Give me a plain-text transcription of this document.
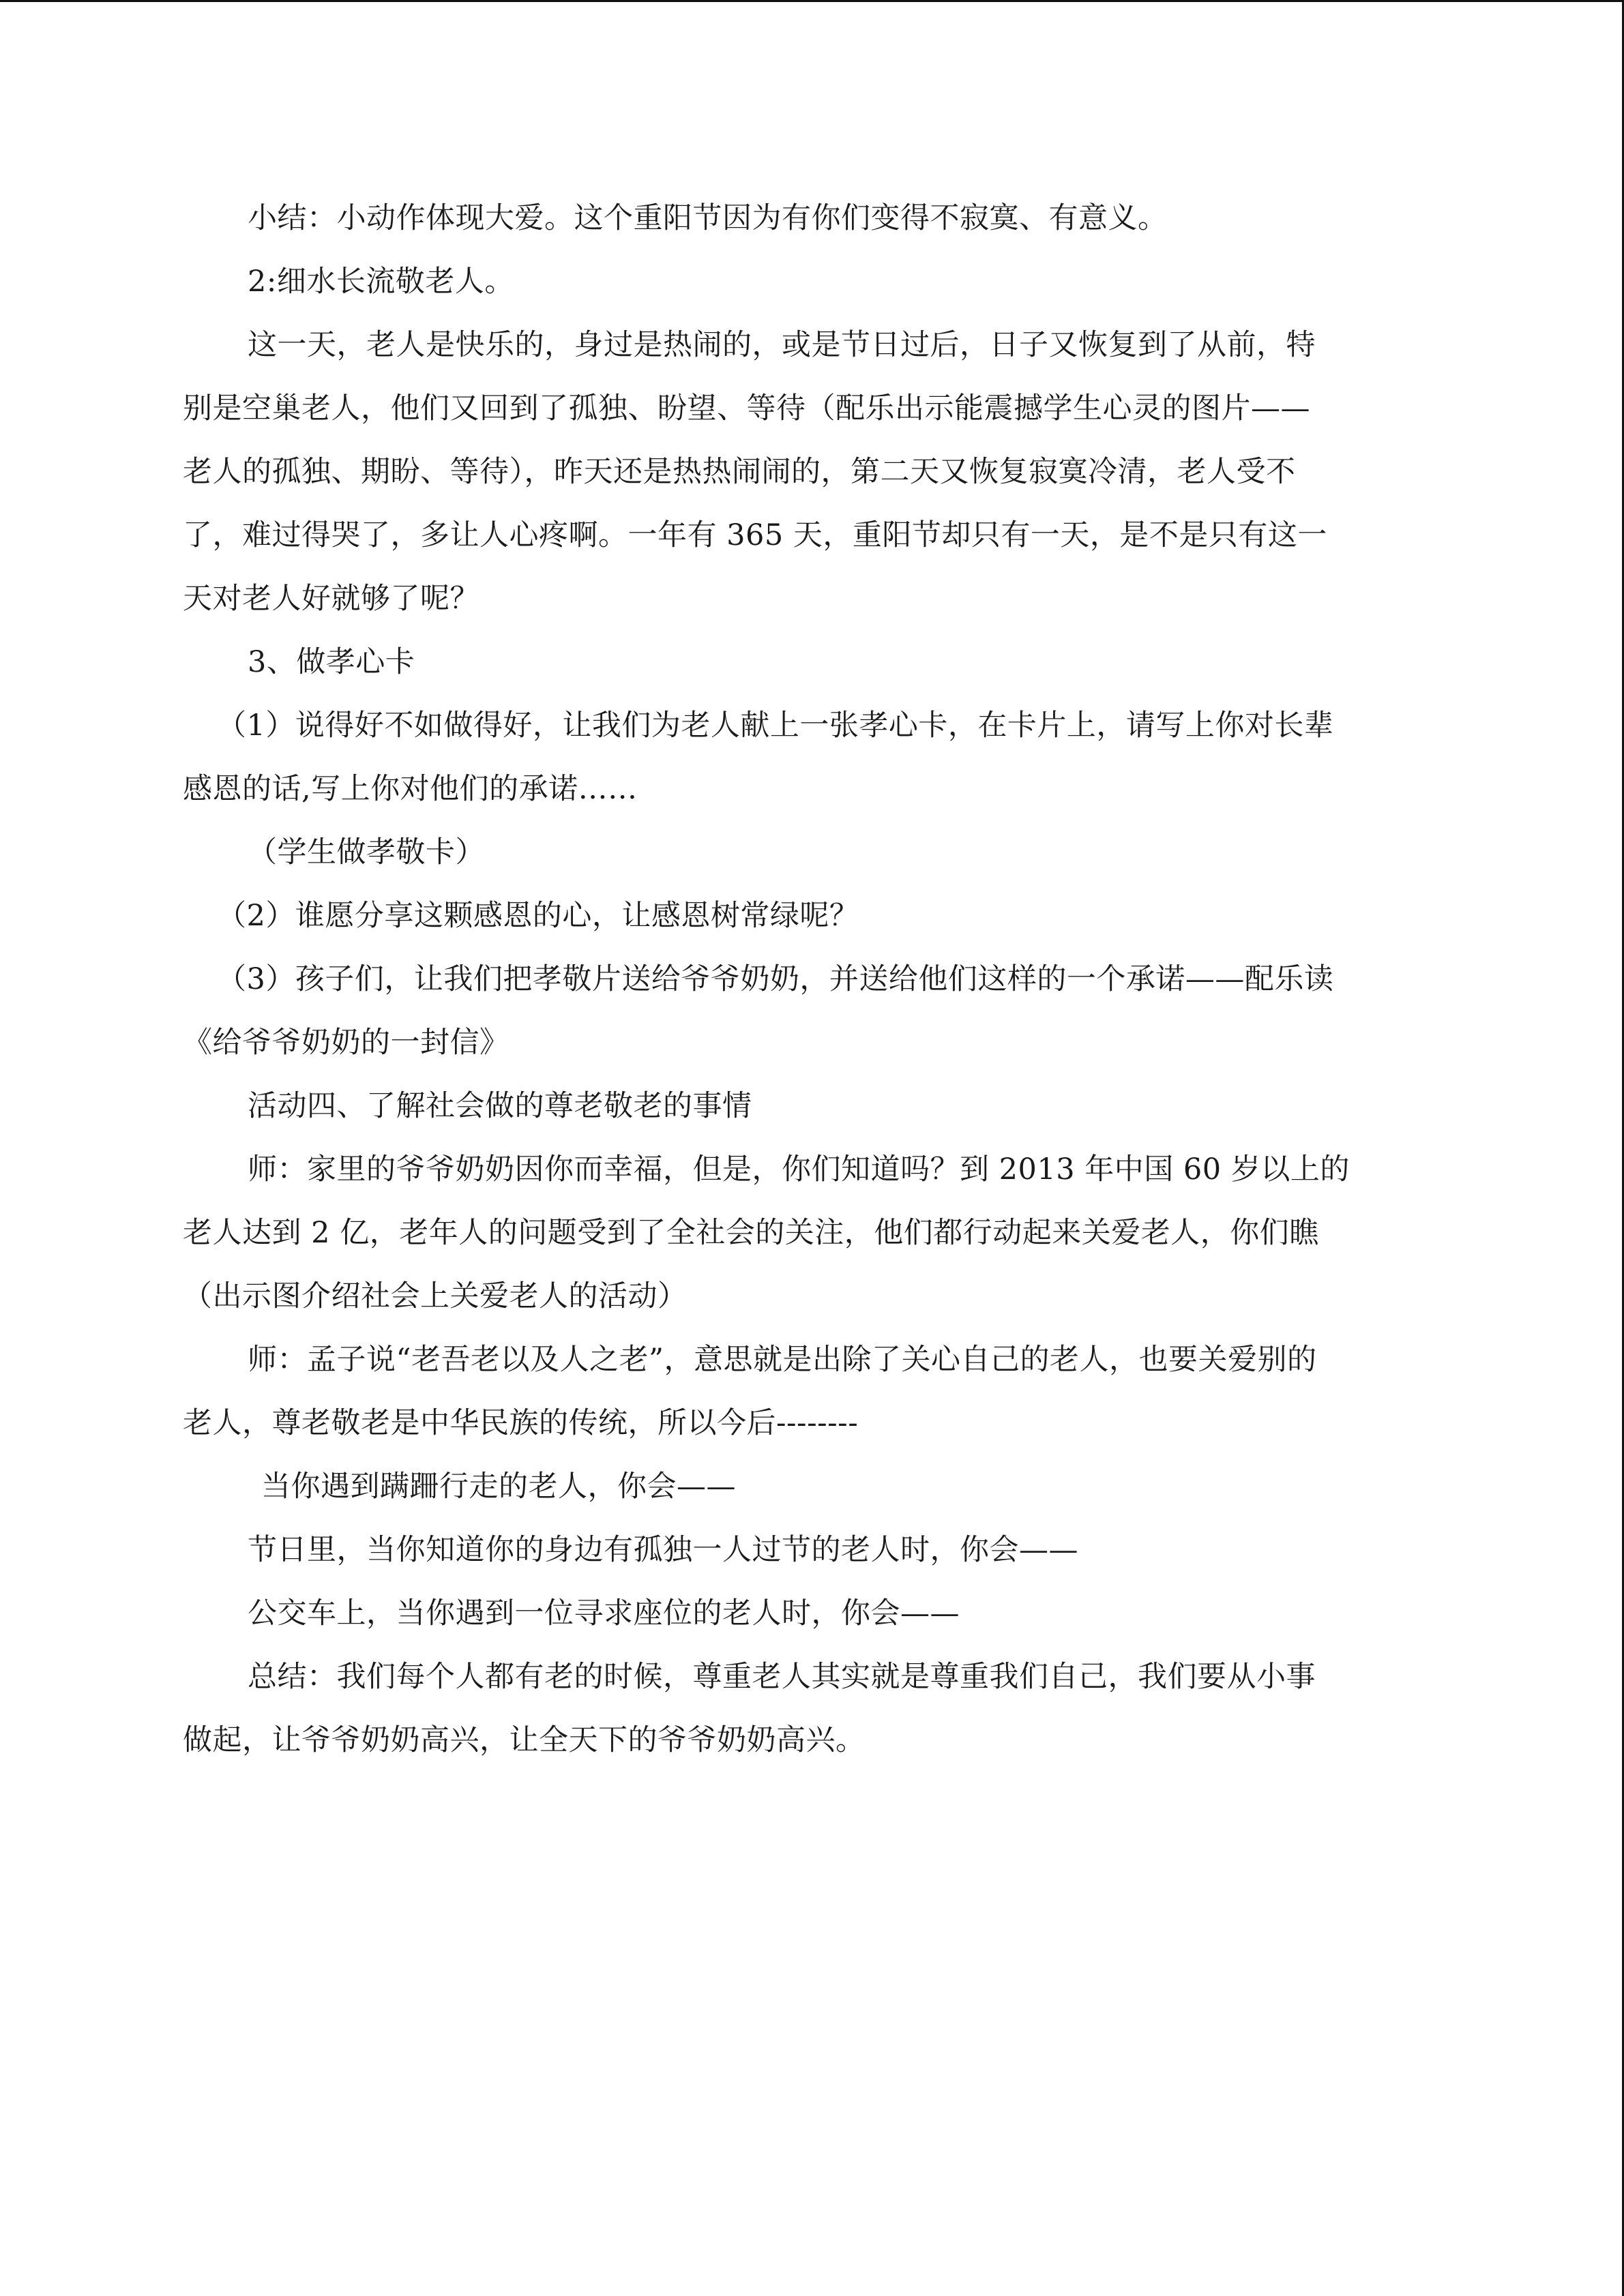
小结：小动作体现大爱。这个重阳节因为有你们变得不寂寞、有意义。
2:细水长流敬老人。
这一天，老人是快乐的，身过是热闹的，或是节日过后，日子又恢复到了从前，特
别是空巢老人，他们又回到了孤独、盼望、等待（配乐出示能震撼学生心灵的图片——
老人的孤独、期盼、等待），昨天还是热热闹闹的，第二天又恢复寂寞冷清，老人受不
了，难过得哭了，多让人心疼啊。一年有 365 天，重阳节却只有一天，是不是只有这一
天对老人好就够了呢？
3、做孝心卡
（1）说得好不如做得好，让我们为老人献上一张孝心卡，在卡片上，请写上你对长辈
感恩的话,写上你对他们的承诺……
（学生做孝敬卡）
（2）谁愿分享这颗感恩的心，让感恩树常绿呢？
（3）孩子们，让我们把孝敬片送给爷爷奶奶，并送给他们这样的一个承诺——配乐读
《给爷爷奶奶的一封信》
活动四、了解社会做的尊老敬老的事情
师：家里的爷爷奶奶因你而幸福，但是，你们知道吗？到 2013 年中国 60 岁以上的
老人达到 2 亿，老年人的问题受到了全社会的关注，他们都行动起来关爱老人，你们瞧
（出示图介绍社会上关爱老人的活动）
师：孟子说“老吾老以及人之老”，意思就是出除了关心自己的老人，也要关爱别的
老人，尊老敬老是中华民族的传统，所以今后--------
当你遇到蹒跚行走的老人，你会——
节日里，当你知道你的身边有孤独一人过节的老人时，你会——
公交车上，当你遇到一位寻求座位的老人时，你会——
总结：我们每个人都有老的时候，尊重老人其实就是尊重我们自己，我们要从小事
做起，让爷爷奶奶高兴，让全天下的爷爷奶奶高兴。
